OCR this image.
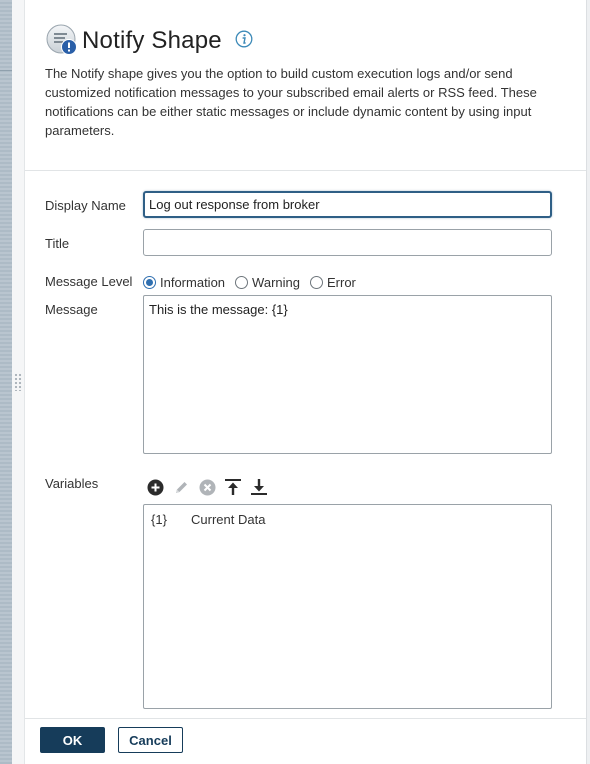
Notify Shape
The Notify shape gives you the option to build custom execution logs and/or send customized notification messages to your subscribed email alerts or RSS feed. These notifications can be either static messages or include dynamic content by using input parameters.
Display Name
Log out response from broker
Title
Message Level Information Warning Error
Message
This is the message: {1}
Variables
{1}	Current Data
OK	Cancel
